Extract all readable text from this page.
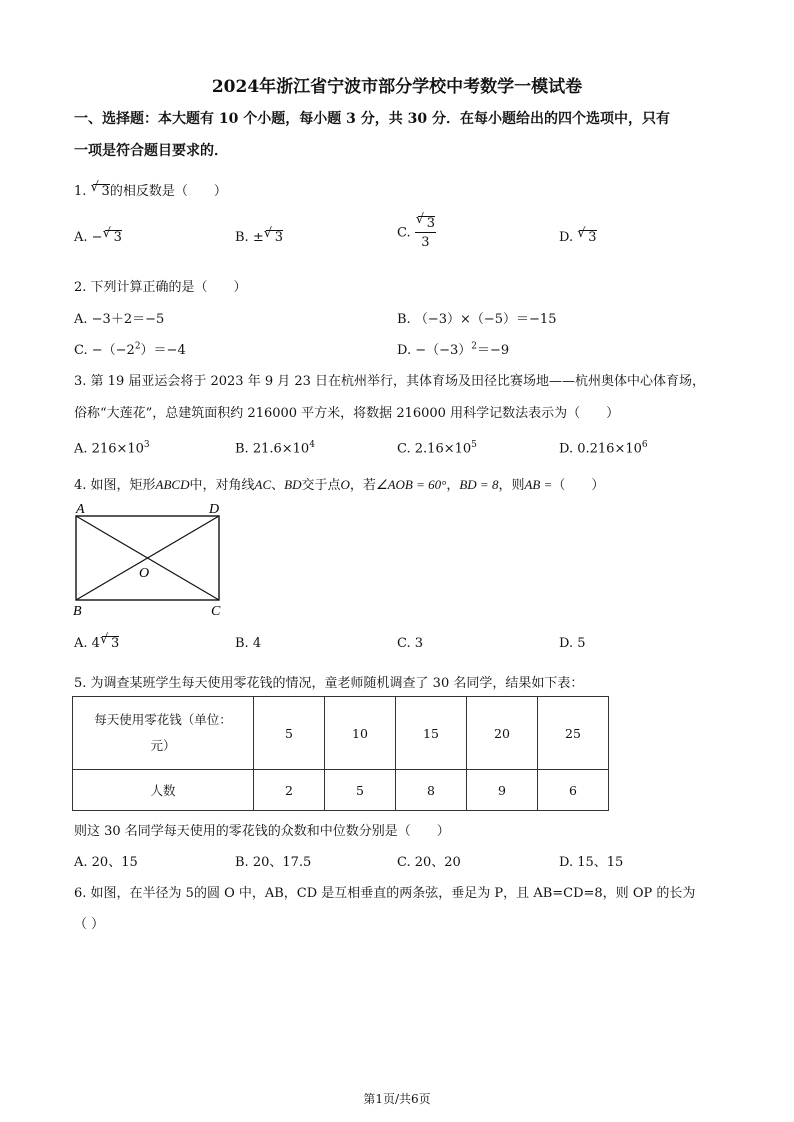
2024年浙江省宁波市部分学校中考数学一模试卷
一、选择题：本大题有 10 个小题，每小题 3 分，共 30 分．在每小题给出的四个选项中，只有
一项是符合题目要求的．
1. √ 3的相反数是（　　）
A. − √ 3	B. ± √ 3	C. √ $\frac{3}{3}$	D. √ 3
2. 下列计算正确的是（　　）
A. −3＋2＝−5	B. （−3）×（−5）＝−15
C. $-(-2^2)=-4$	D. $-(-3)^2=-9$
3. 第 19 届亚运会将于 2023 年 9 月 23 日在杭州举行，其体育场及田径比赛场地——杭州奥体中心体育场，
俗称“大莲花”，总建筑面积约 216000 平方米，将数据 216000 用科学记数法表示为（　　）
A. $216\times 10^3$	B. $21.6\times 10^4$	C. $2.16\times 10^5$	D. $0.216\times 10^6$
4. 如图，矩形ABCD中，对角线AC、BD交于点O，若∠AOB = 60°，BD = 8，则AB =（　　）
A	D
B	C
O
A. 4 √ 3	B. 4	C. 3	D. 5
5. 为调查某班学生每天使用零花钱的情况，童老师随机调查了 30 名同学，结果如下表：
每天使用零花钱（单位：
元）	5	10	15	20	25
人数	2	5	8	9	6
则这 30 名同学每天使用的零花钱的众数和中位数分别是（　　）
A. 20、15	B. 20、17.5	C. 20、20	D. 15、15
6. 如图，在半径为 5的圆 O 中，AB，CD 是互相垂直的两条弦，垂足为 P，且 AB=CD=8，则 OP 的长为
（ ）
第1页/共6页
